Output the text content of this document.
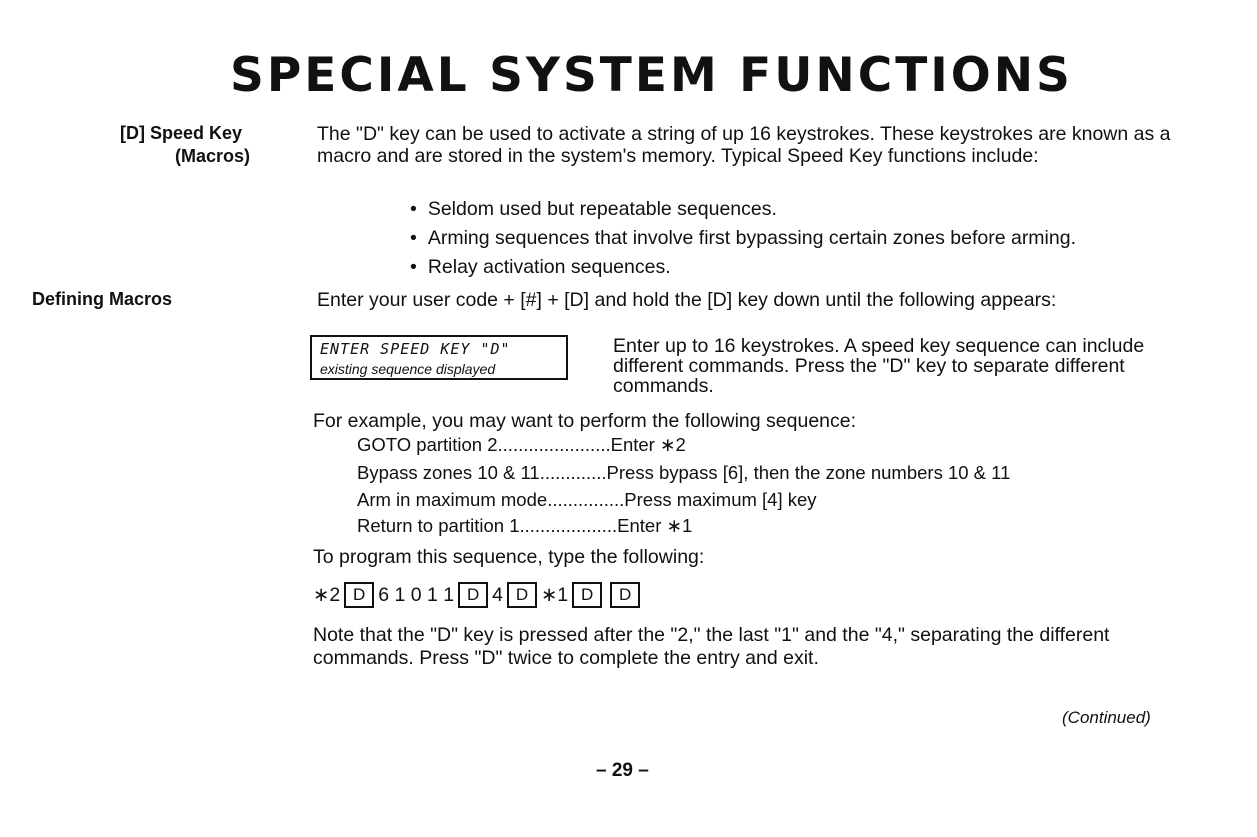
SPECIAL SYSTEM FUNCTIONS
[D] Speed Key
(Macros)
Defining Macros
The "D" key can be used to activate a string of up 16 keystrokes. These keystrokes are known as a macro and are stored in the system's memory. Typical Speed Key functions include:
• Seldom used but repeatable sequences.
• Arming sequences that involve first bypassing certain zones before arming.
• Relay activation sequences.
Enter your user code + [#] + [D] and hold the [D] key down until the following appears:
ENTER SPEED KEY "D"
existing sequence displayed
Enter up to 16 keystrokes. A speed key sequence can include different commands. Press the "D" key to separate different commands.
For example, you may want to perform the following sequence:
GOTO partition 2......................Enter ∗2
Bypass zones 10 & 11.............Press bypass [6], then the zone numbers 10 & 11
Arm in maximum mode...............Press maximum [4] key
Return to partition 1...................Enter ∗1
To program this sequence, type the following:
∗2 D 6 1 0 1 1 D 4 D ∗1 D	D
Note that the "D" key is pressed after the "2," the last "1" and the "4," separating the different commands. Press "D" twice to complete the entry and exit.
(Continued)
– 29 –
